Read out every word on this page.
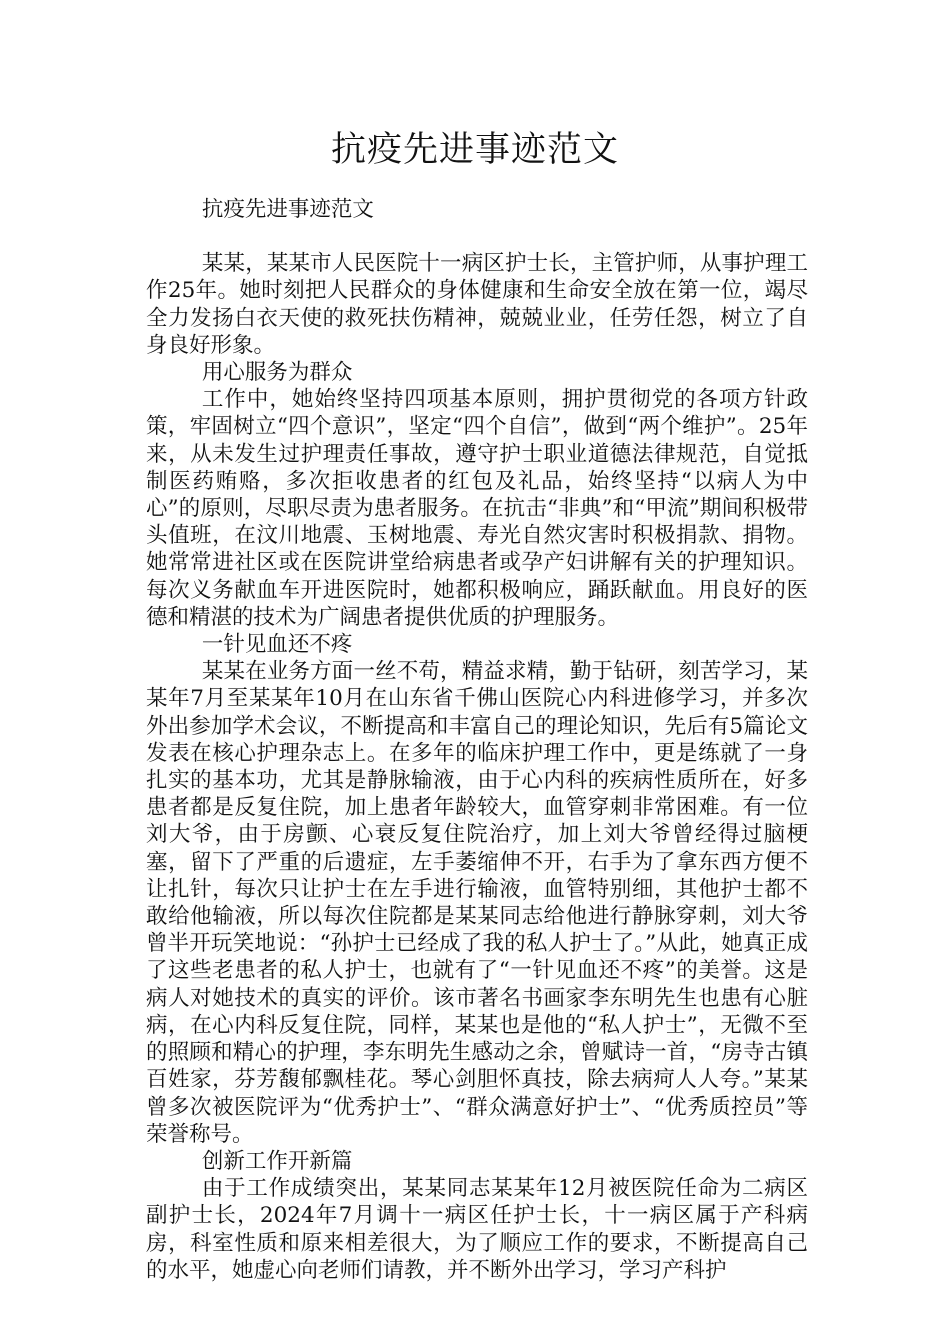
抗疫先进事迹范文

抗疫先进事迹范文

某某，某某市人民医院十一病区护士长，主管护师，从事护理工作25年。她时刻把人民群众的身体健康和生命安全放在第一位，竭尽全力发扬白衣天使的救死扶伤精神，兢兢业业，任劳任怨，树立了自身良好形象。

用心服务为群众

工作中，她始终坚持四项基本原则，拥护贯彻党的各项方针政策，牢固树立“四个意识”，坚定“四个自信”，做到“两个维护”。25年来，从未发生过护理责任事故，遵守护士职业道德法律规范，自觉抵制医药贿赂，多次拒收患者的红包及礼品，始终坚持“以病人为中心”的原则，尽职尽责为患者服务。在抗击“非典”和“甲流”期间积极带头值班，在汶川地震、玉树地震、寿光自然灾害时积极捐款、捐物。她常常进社区或在医院讲堂给病患者或孕产妇讲解有关的护理知识。每次义务献血车开进医院时，她都积极响应，踊跃献血。用良好的医德和精湛的技术为广阔患者提供优质的护理服务。

一针见血还不疼

某某在业务方面一丝不苟，精益求精，勤于钻研，刻苦学习，某某年7月至某某年10月在山东省千佛山医院心内科进修学习，并多次外出参加学术会议，不断提高和丰富自己的理论知识，先后有5篇论文发表在核心护理杂志上。在多年的临床护理工作中，更是练就了一身扎实的基本功，尤其是静脉输液，由于心内科的疾病性质所在，好多患者都是反复住院，加上患者年龄较大，血管穿刺非常困难。有一位刘大爷，由于房颤、心衰反复住院治疗，加上刘大爷曾经得过脑梗塞，留下了严重的后遗症，左手萎缩伸不开，右手为了拿东西方便不让扎针，每次只让护士在左手进行输液，血管特别细，其他护士都不敢给他输液，所以每次住院都是某某同志给他进行静脉穿刺，刘大爷曾半开玩笑地说：“孙护士已经成了我的私人护士了。”从此，她真正成了这些老患者的私人护士，也就有了“一针见血还不疼”的美誉。这是病人对她技术的真实的评价。该市著名书画家李东明先生也患有心脏病，在心内科反复住院，同样，某某也是他的“私人护士”，无微不至的照顾和精心的护理，李东明先生感动之余，曾赋诗一首，“房寺古镇百姓家，芬芳馥郁飘桂花。琴心剑胆怀真技，除去病疴人人夸。”某某曾多次被医院评为“优秀护士”、“群众满意好护士”、“优秀质控员”等荣誉称号。

创新工作开新篇

由于工作成绩突出，某某同志某某年12月被医院任命为二病区副护士长，2024年7月调十一病区任护士长，十一病区属于产科病房，科室性质和原来相差很大，为了顺应工作的要求，不断提高自己的水平，她虚心向老师们请教，并不断外出学习，学习产科护
